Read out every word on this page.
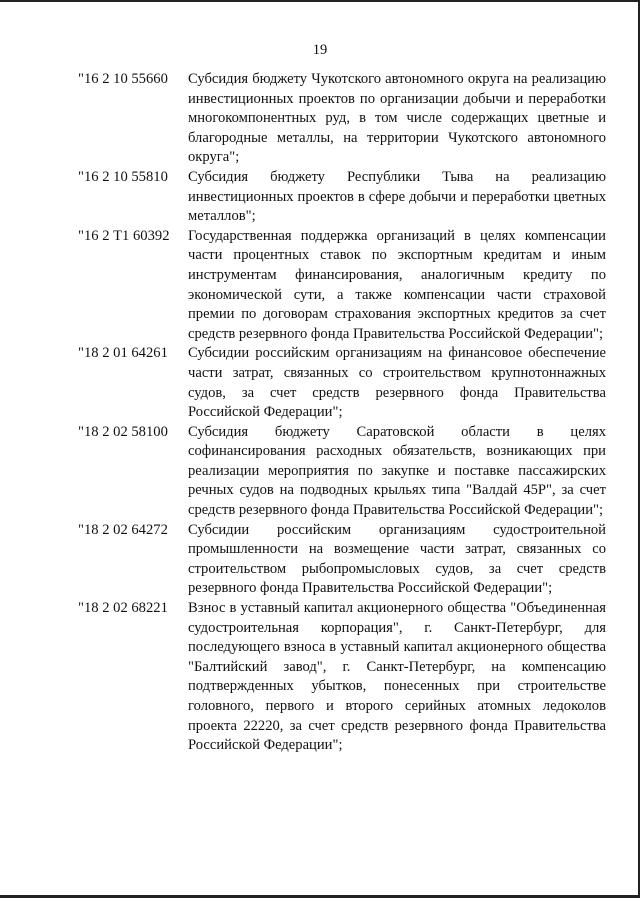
19
"16 2 10 55660	Субсидия бюджету Чукотского автономного округа на реализацию инвестиционных проектов по организации добычи и переработки многокомпонентных руд, в том числе содержащих цветные и благородные металлы, на территории Чукотского автономного округа";
"16 2 10 55810	Субсидия бюджету Республики Тыва на реализацию инвестиционных проектов в сфере добычи и переработки цветных металлов";
"16 2 Т1 60392	Государственная поддержка организаций в целях компенсации части процентных ставок по экспортным кредитам и иным инструментам финансирования, аналогичным кредиту по экономической сути, а также компенсации части страховой премии по договорам страхования экспортных кредитов за счет средств резервного фонда Правительства Российской Федерации";
"18 2 01 64261	Субсидии российским организациям на финансовое обеспечение части затрат, связанных со строительством крупнотоннажных судов, за счет средств резервного фонда Правительства Российской Федерации";
"18 2 02 58100	Субсидия бюджету Саратовской области в целях софинансирования расходных обязательств, возникающих при реализации мероприятия по закупке и поставке пассажирских речных судов на подводных крыльях типа "Валдай 45Р", за счет средств резервного фонда Правительства Российской Федерации";
"18 2 02 64272	Субсидии российским организациям судостроительной промышленности на возмещение части затрат, связанных со строительством рыбопромысловых судов, за счет средств резервного фонда Правительства Российской Федерации";
"18 2 02 68221	Взнос в уставный капитал акционерного общества "Объединенная судостроительная корпорация", г. Санкт-Петербург, для последующего взноса в уставный капитал акционерного общества "Балтийский завод", г. Санкт-Петербург, на компенсацию подтвержденных убытков, понесенных при строительстве головного, первого и второго серийных атомных ледоколов проекта 22220, за счет средств резервного фонда Правительства Российской Федерации";
